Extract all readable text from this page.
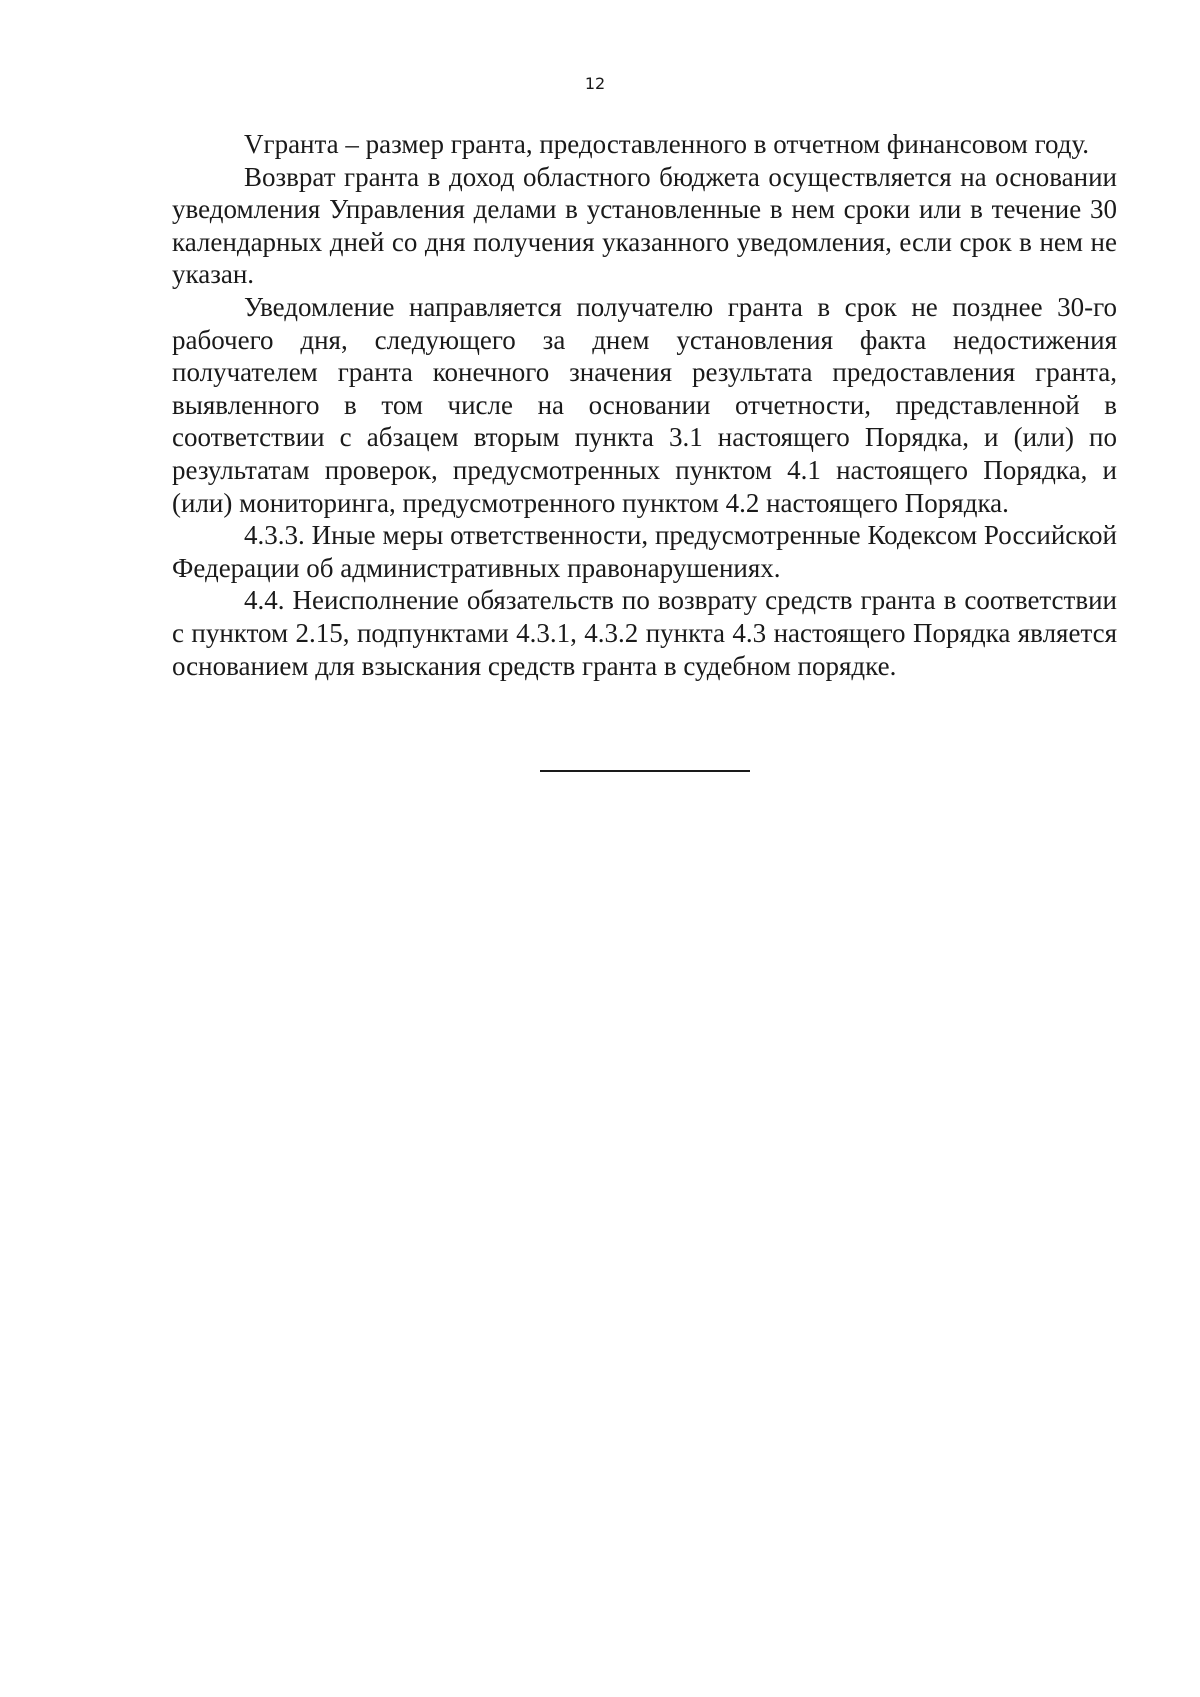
12

Vгранта – размер гранта, предоставленного в отчетном финансовом году.

Возврат гранта в доход областного бюджета осуществляется на основании уведомления Управления делами в установленные в нем сроки или в течение 30 календарных дней со дня получения указанного уведомления, если срок в нем не указан.

Уведомление направляется получателю гранта в срок не позднее 30-го рабочего дня, следующего за днем установления факта недостижения получателем гранта конечного значения результата предоставления гранта, выявленного в том числе на основании отчетности, представленной в соответствии с абзацем вторым пункта 3.1 настоящего Порядка, и (или) по результатам проверок, предусмотренных пунктом 4.1 настоящего Порядка, и (или) мониторинга, предусмотренного пунктом 4.2 настоящего Порядка.

4.3.3. Иные меры ответственности, предусмотренные Кодексом Российской Федерации об административных правонарушениях.

4.4. Неисполнение обязательств по возврату средств гранта в соответствии с пунктом 2.15, подпунктами 4.3.1, 4.3.2 пункта 4.3 настоящего Порядка является основанием для взыскания средств гранта в судебном порядке.
